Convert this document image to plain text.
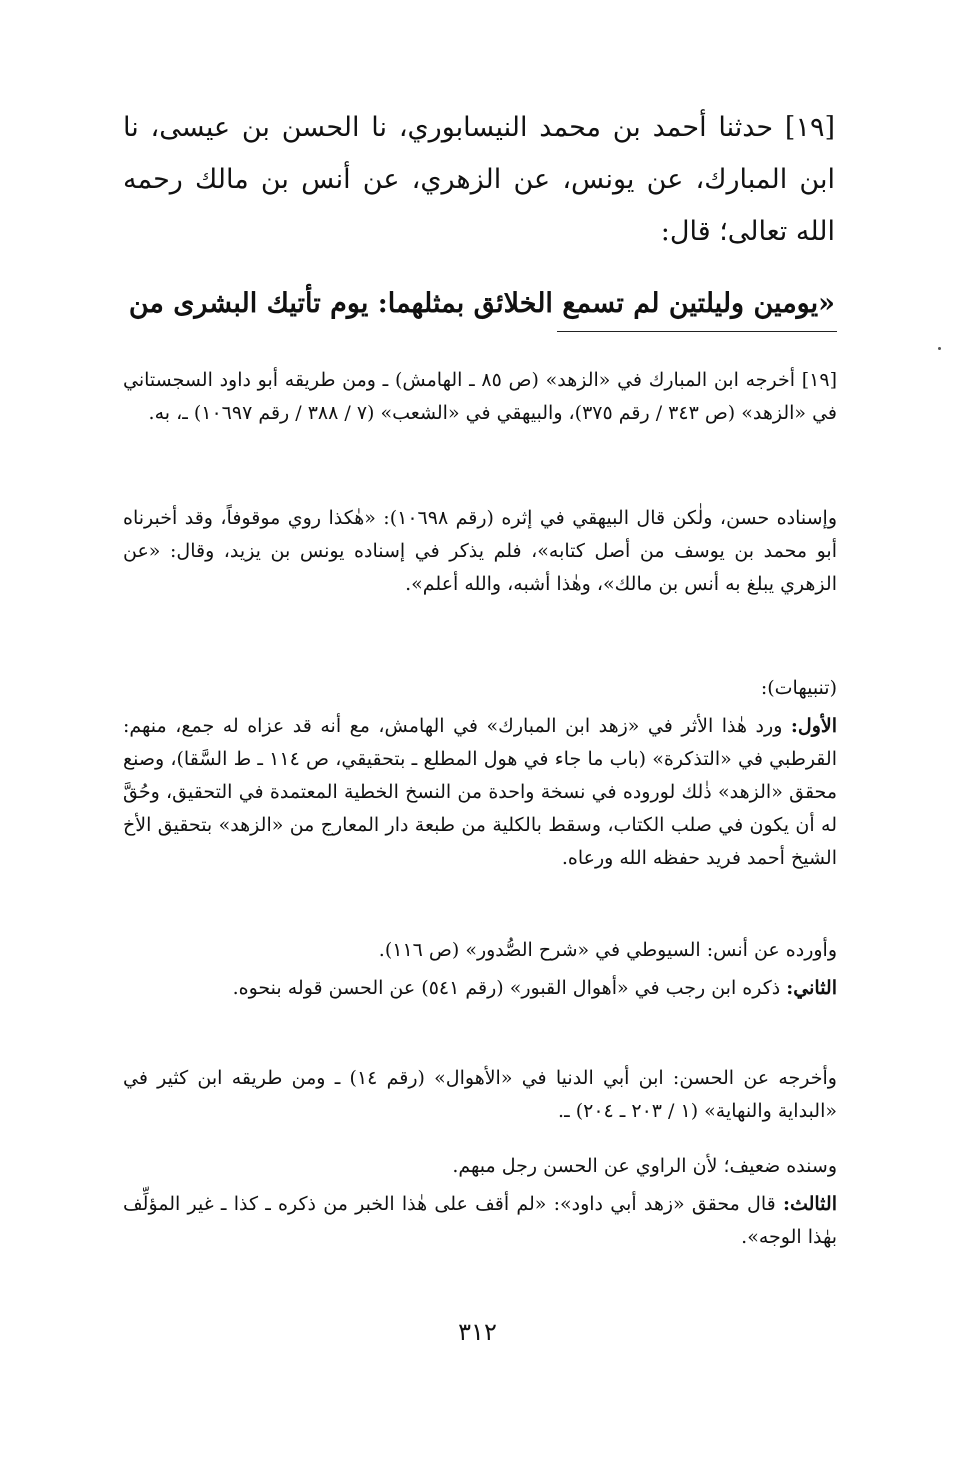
[١٩] حدثنا أحمد بن محمد النيسابوري، نا الحسن بن عيسى، نا ابن المبارك، عن يونس، عن الزهري، عن أنس بن مالك رحمه الله تعالى؛ قال:

«يومين وليلتين لم تسمع الخلائق بمثلهما: يوم تأتيك البشرى من

[١٩] أخرجه ابن المبارك في «الزهد» (ص ٨٥ ـ الهامش) ـ ومن طريقه أبو داود السجستاني في «الزهد» (ص ٣٤٣ / رقم ٣٧٥)، والبيهقي في «الشعب» (٧ / ٣٨٨ / رقم ١٠٦٩٧) ـ، به.

وإسناده حسن، ولٰكن قال البيهقي في إثره (رقم ١٠٦٩٨): «هٰكذا روي موقوفاً، وقد أخبرناه أبو محمد بن يوسف من أصل كتابه»، فلم يذكر في إسناده يونس بن يزيد، وقال: «عن الزهري يبلغ به أنس بن مالك»، وهٰذا أشبه، والله أعلم».

(تنبيهات):

الأول: ورد هٰذا الأثر في «زهد ابن المبارك» في الهامش، مع أنه قد عزاه له جمع، منهم: القرطبي في «التذكرة» (باب ما جاء في هول المطلع ـ بتحقيقي، ص ١١٤ ـ ط السَّقا)، وصنع محقق «الزهد» ذٰلك لوروده في نسخة واحدة من النسخ الخطية المعتمدة في التحقيق، وحُقَّ له أن يكون في صلب الكتاب، وسقط بالكلية من طبعة دار المعارج من «الزهد» بتحقيق الأخ الشيخ أحمد فريد حفظه الله ورعاه.

وأورده عن أنس: السيوطي في «شرح الصُّدور» (ص ١١٦).

الثاني: ذكره ابن رجب في «أهوال القبور» (رقم ٥٤١) عن الحسن قوله بنحوه.

وأخرجه عن الحسن: ابن أبي الدنيا في «الأهوال» (رقم ١٤) ـ ومن طريقه ابن كثير في «البداية والنهاية» (١ / ٢٠٣ ـ ٢٠٤) ـ.

وسنده ضعيف؛ لأن الراوي عن الحسن رجل مبهم.

الثالث: قال محقق «زهد أبي داود»: «لم أقف على هٰذا الخبر من ذكره ـ كذا ـ غير المؤلِّف بهٰذا الوجه».

٣١٢
